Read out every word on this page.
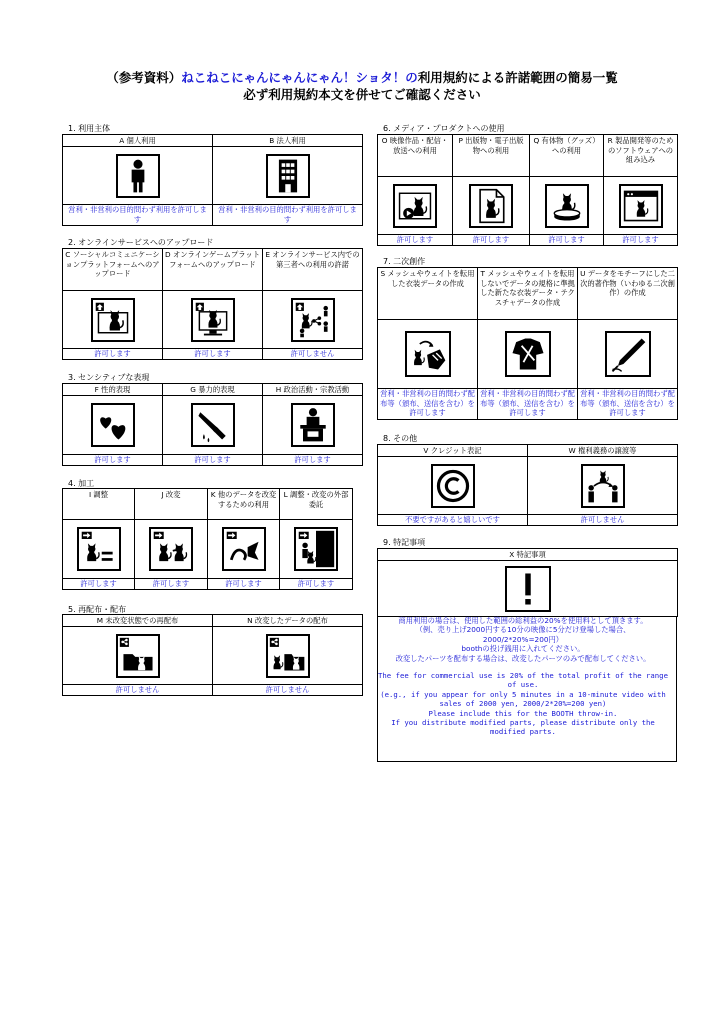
（参考資料）ねこねこにゃんにゃんにゃん！ショタ！の利用規約による許諾範囲の簡易一覧
必ず利用規約本文を併せてご確認ください
1. 利用主体
A 個人利用
営利・非営利の目的問わず利用を許可します
B 法人利用
営利・非営利の目的問わず利用を許可します
2. オンラインサービスへのアップロード
C ソーシャルコミュニケーションプラットフォームへのアップロード
許可します
D オンラインゲームプラットフォームへのアップロード
許可します
E オンラインサービス内での第三者への利用の許諾
許可しません
3. センシティブな表現
F 性的表現
許可します
G 暴力的表現
許可します
H 政治活動・宗教活動
許可します
4. 加工
I 調整
許可します
J 改変
許可します
K 他のデータを改変するための利用
許可します
L 調整・改変の外部委託
許可します
5. 再配布・配布
M 未改変状態での再配布
許可しません
N 改変したデータの配布
許可しません
6. メディア・プロダクトへの使用
O 映像作品・配信・放送への利用
許可します
P 出版物・電子出版物への利用
許可します
Q 有体物（グッズ）への利用
許可します
R 製品開発等のためのソフトウェアへの組み込み
許可します
7. 二次創作
S メッシュやウェイトを転用した衣装データの作成
営利・非営利の目的問わず配布等（頒布、送信を含む）を許可します
T メッシュやウェイトを転用しないでデータの規格に準拠した新たな衣装データ・テクスチャデータの作成
営利・非営利の目的問わず配布等（頒布、送信を含む）を許可します
U データをモチーフにした二次的著作物（いわゆる二次創作）の作成
営利・非営利の目的問わず配布等（頒布、送信を含む）を許可します
8. その他
V クレジット表記
不要ですがあると嬉しいです
W 権利義務の譲渡等
許可しません
9. 特記事項
X 特記事項

商用利用の場合は、使用した範囲の総利益の20%を使用料として頂きます。

（例、売り上げ2000円する10分の映像に5分だけ登場した場合、

2000/2*20%=200円）

boothの投げ銭用に入れてください。

改変したパーツを配布する場合は、改変したパーツのみで配布してください。

The fee for commercial use is 20% of the total profit of the range of use.

(e.g., if you appear for only 5 minutes in a 10-minute video with sales of 2000 yen, 2000/2*20%=200 yen)

Please include this for the BOOTH throw-in.

If you distribute modified parts, please distribute only the modified parts.
